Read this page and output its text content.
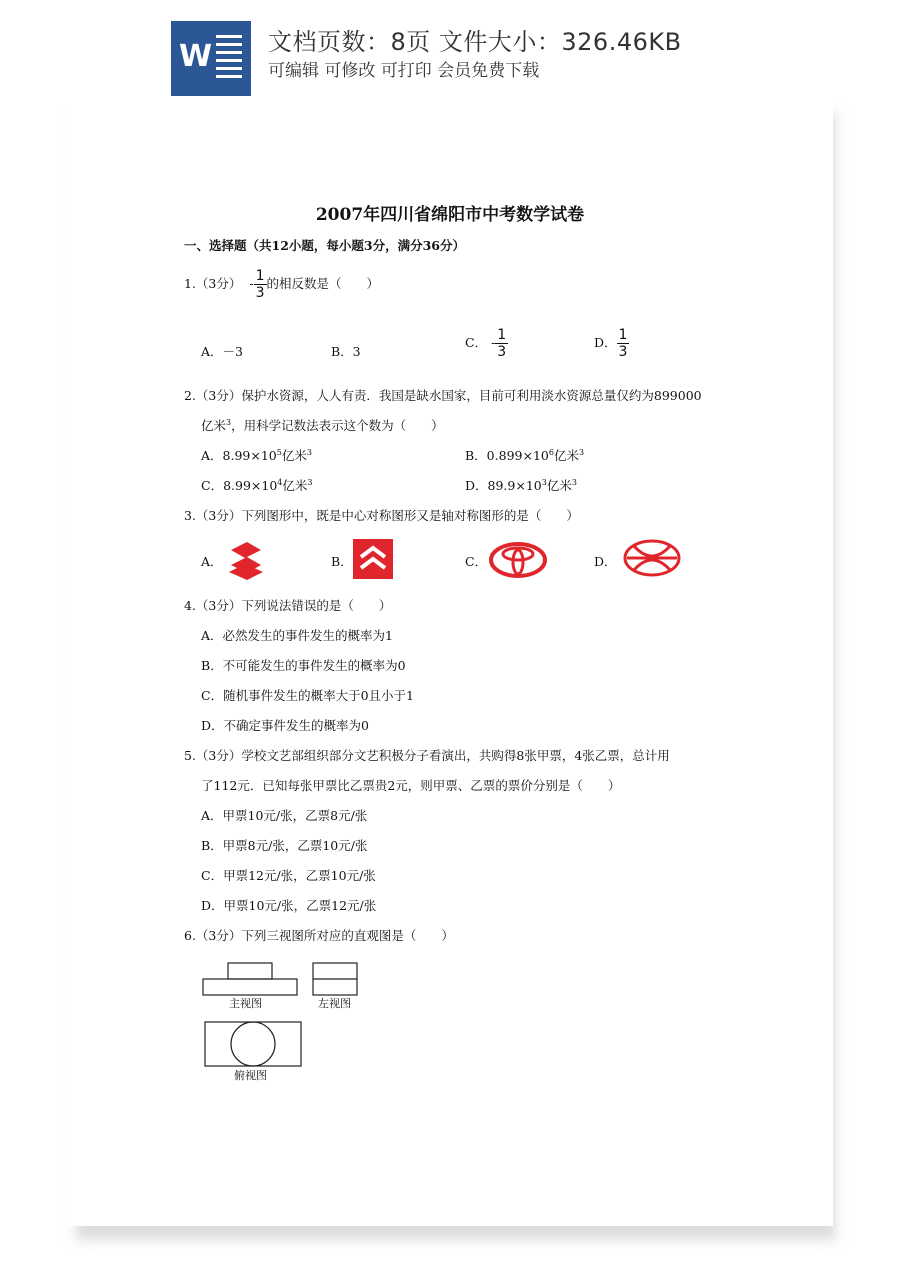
W 文档页数：8页 文件大小：326.46KB
可编辑 可修改 可打印 会员免费下载
2007年四川省绵阳市中考数学试卷
一、选择题（共12小题，每小题3分，满分36分）
1.（3分） - $\frac{1}{3}$ 的相反数是（　　）
A．－3	B．3
C． - $\frac{1}{3}$	D． $\frac{1}{3}$
2.（3分）保护水资源，人人有责．我国是缺水国家，目前可利用淡水资源总量仅约为899000
亿米$^3$，用科学记数法表示这个数为（　　）
A．$8.99\times 10^5$亿米$^3$	B．$0.899\times 10^6$亿米$^3$
C．$8.99\times 10^4$亿米$^3$	D．$89.9\times 10^3$亿米$^3$
3.（3分）下列图形中，既是中心对称图形又是轴对称图形的是（　　）
A．	B．	C．	D．
4.（3分）下列说法错误的是（　　）
A．必然发生的事件发生的概率为1
B．不可能发生的事件发生的概率为0
C．随机事件发生的概率大于0且小于1
D．不确定事件发生的概率为0
5.（3分）学校文艺部组织部分文艺积极分子看演出，共购得8张甲票，4张乙票，总计用
了112元．已知每张甲票比乙票贵2元，则甲票、乙票的票价分别是（　　）
A．甲票10元/张，乙票8元/张
B．甲票8元/张，乙票10元/张
C．甲票12元/张，乙票10元/张
D．甲票10元/张，乙票12元/张
6.（3分）下列三视图所对应的直观图是（　　）
主视图	左视图
俯视图
